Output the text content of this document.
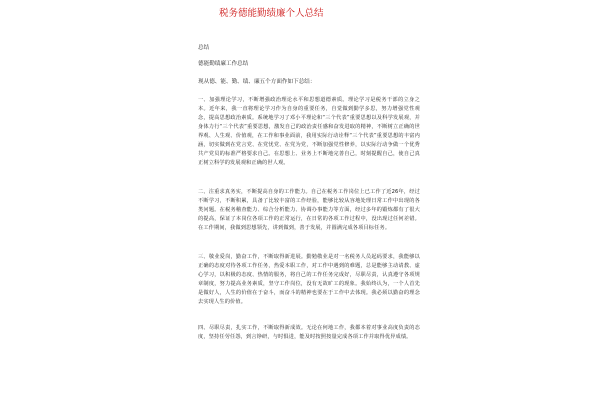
税务德能勤绩廉个人总结
总结
德能勤绩廉工作总结
现从德、能、勤、绩、廉五个方面作如下总结：
一、加强理论学习，不断增强政治理论水平和思想道德素质。理论学习是税务干部的立身之本。近年来，我一直将理论学习作为自身的重要任务，自觉做到勤学多思，努力增强党性观念，提高思想政治素质。系统地学习了邓小平理论和“三个代表”重要思想以及科学发展观，并身体力行“三个代表”重要思想，激发自己的政治责任感和奋发进取的精神，不断树立正确的世界观、人生观、价值观，在工作和事业面前，我用实际行动诠释“三个代表”重要思想的丰富内涵，切实做到在党言党、在党忧党、在党为党，不断加强党性修养，以实际行动争做一个优秀共产党员的标准严格要求自己。在思想上、业务上不断地完善自己，时刻提醒自己，使自己真正树立科学的发展观和正确的世人观。
二、注重求真务实，不断提高自身的工作能力。自己在税务工作岗位上已工作了近26年，经过不断学习，不断积累，具备了比较丰富的工作经验，能够比较从容地处理日常工作中出现的各类问题。在税务稽查能力、综合分析能力、协调办事能力等方面，经过多年的锻炼都有了很大的提高，保证了本岗位各项工作的正常运行，在日常的各项工作过程中，没出现过任何差错。在工作期间，我做到思想领先，讲到做到，善于发展，并圆满完成各项目标任务。
三、敬业爱岗，勤奋工作，不断取得新进展。勤勉敬业是对一名税务人员起码要求，我能够以正确的态度对待各项工作任务，热爱本职工作，对工作中遇到的难题，总是能够主动请教、虚心学习，以积极的态度、热情的服务，将自己的工作任务完成好，尽职尽责，认真遵守各项规章制度，努力提高业务素质，坚守工作岗位，没有无故旷工的现象。我始终认为，一个人首先是做好人，人生的价值在于奋斗，而奋斗的精神也要在于工作中去体现。我必须以勤奋的理念去实现人生的价值。
四、尽职尽责，扎实工作，不断取得新成效。无论在何地工作，我都本着对事业高度负责的态度，坚持任劳任怨，到言铮研，与时俱进，能及时按照按量完成各项工作并取得优异成绩。
